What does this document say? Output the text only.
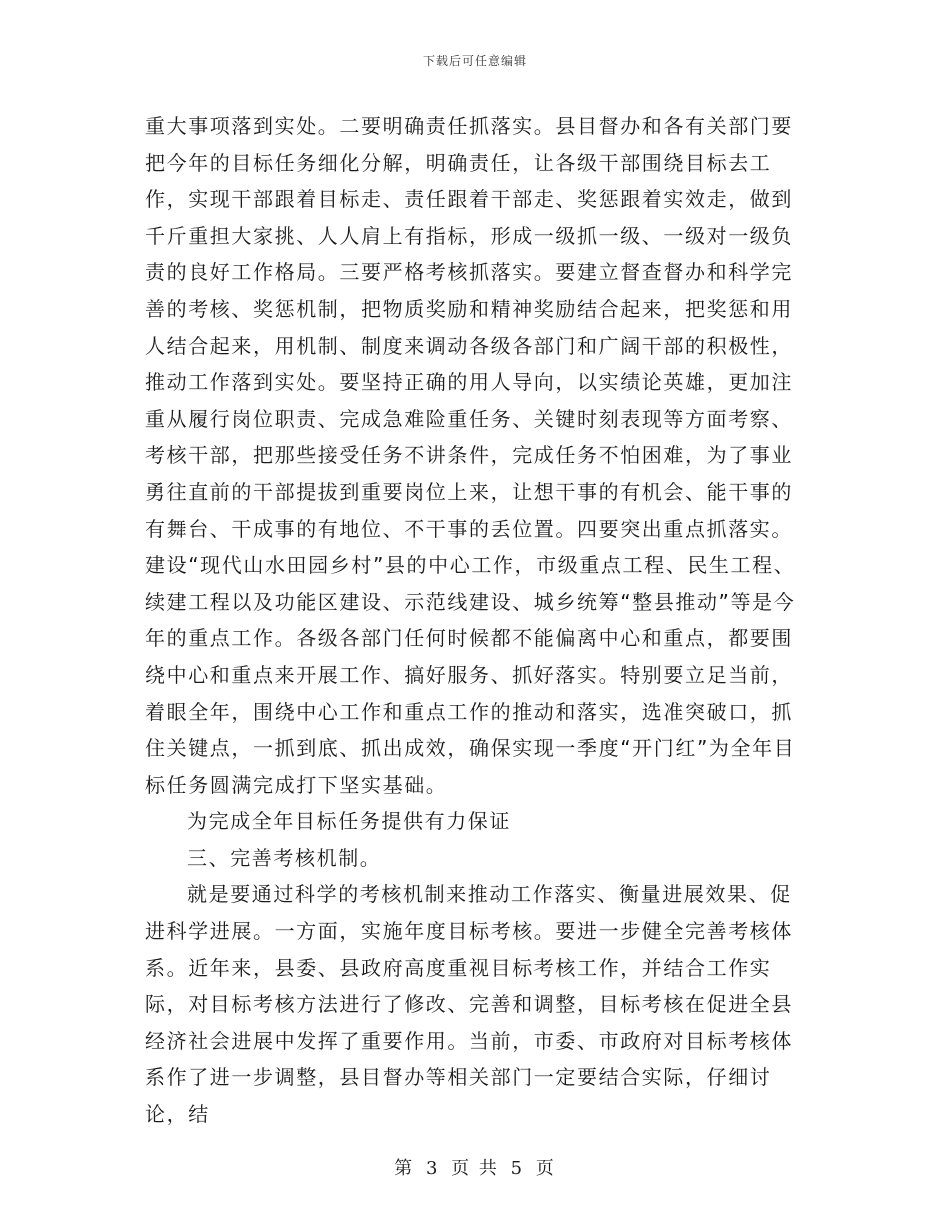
下载后可任意编辑

重大事项落到实处。二要明确责任抓落实。县目督办和各有关部门要把今年的目标任务细化分解，明确责任，让各级干部围绕目标去工作，实现干部跟着目标走、责任跟着干部走、奖惩跟着实效走，做到千斤重担大家挑、人人肩上有指标，形成一级抓一级、一级对一级负责的良好工作格局。三要严格考核抓落实。要建立督查督办和科学完善的考核、奖惩机制，把物质奖励和精神奖励结合起来，把奖惩和用人结合起来，用机制、制度来调动各级各部门和广阔干部的积极性，推动工作落到实处。要坚持正确的用人导向，以实绩论英雄，更加注重从履行岗位职责、完成急难险重任务、关键时刻表现等方面考察、考核干部，把那些接受任务不讲条件，完成任务不怕困难，为了事业勇往直前的干部提拔到重要岗位上来，让想干事的有机会、能干事的有舞台、干成事的有地位、不干事的丢位置。四要突出重点抓落实。建设“现代山水田园乡村”县的中心工作，市级重点工程、民生工程、续建工程以及功能区建设、示范线建设、城乡统筹“整县推动”等是今年的重点工作。各级各部门任何时候都不能偏离中心和重点，都要围绕中心和重点来开展工作、搞好服务、抓好落实。特别要立足当前，着眼全年，围绕中心工作和重点工作的推动和落实，选准突破口，抓住关键点，一抓到底、抓出成效，确保实现一季度“开门红”为全年目标任务圆满完成打下坚实基础。

为完成全年目标任务提供有力保证

三、完善考核机制。

就是要通过科学的考核机制来推动工作落实、衡量进展效果、促进科学进展。一方面，实施年度目标考核。要进一步健全完善考核体系。近年来，县委、县政府高度重视目标考核工作，并结合工作实际，对目标考核方法进行了修改、完善和调整，目标考核在促进全县经济社会进展中发挥了重要作用。当前，市委、市政府对目标考核体系作了进一步调整，县目督办等相关部门一定要结合实际，仔细讨论，结

第 3 页 共 5 页
